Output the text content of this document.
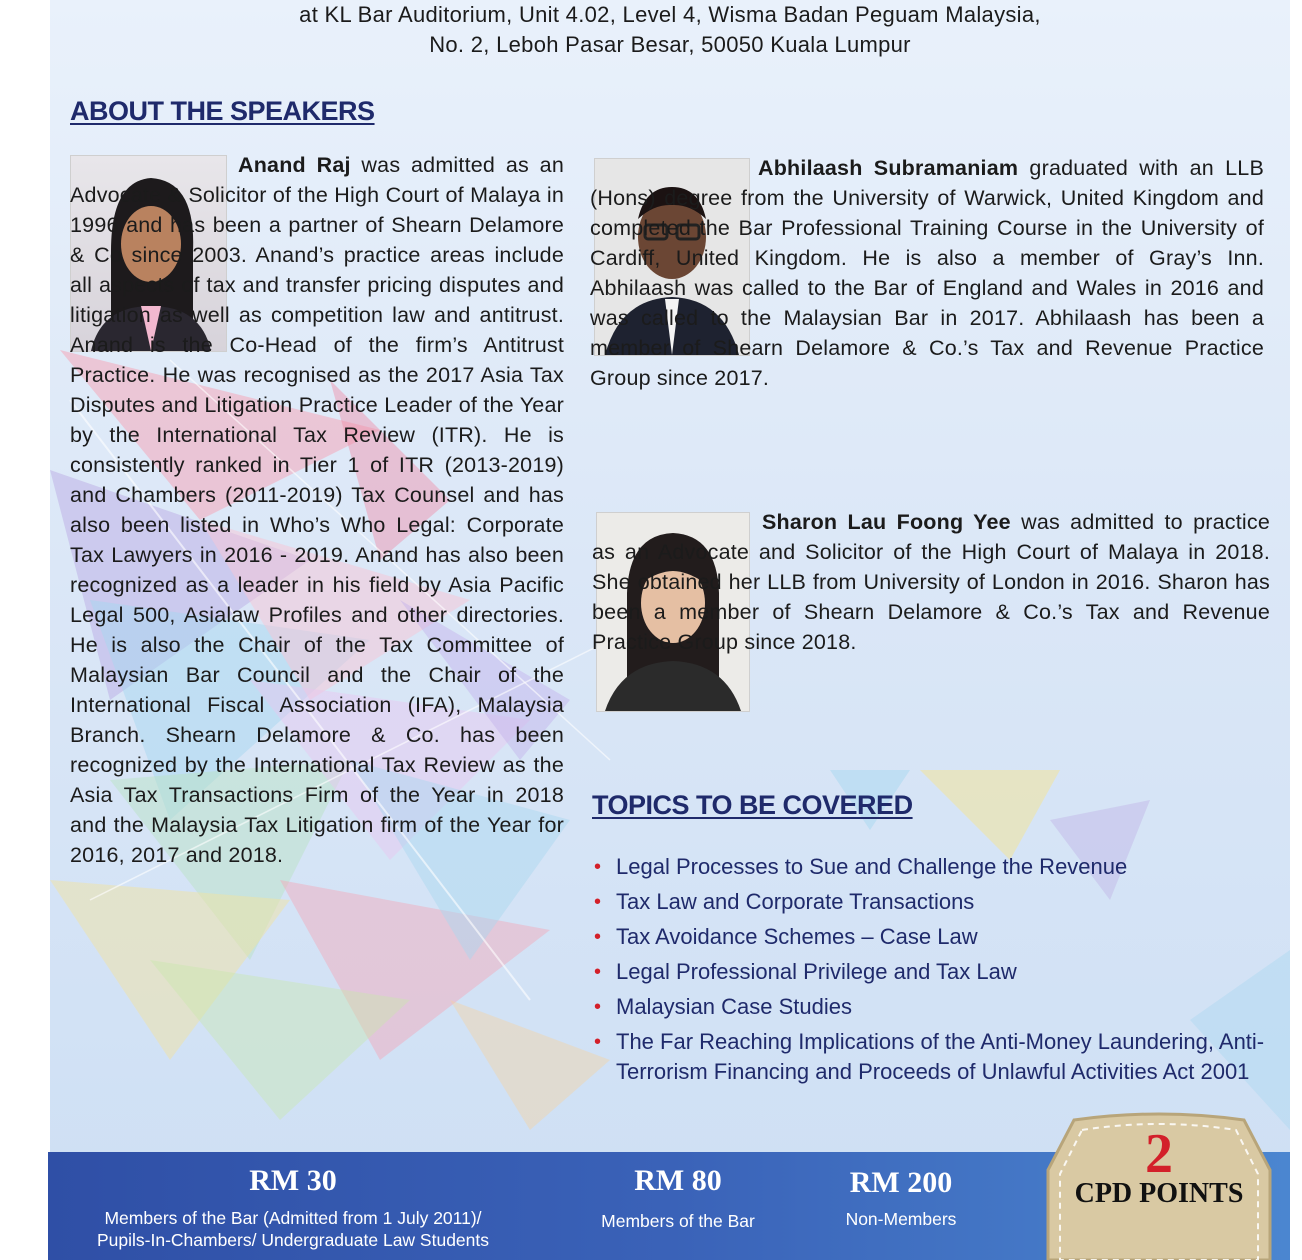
at KL Bar Auditorium, Unit 4.02, Level 4, Wisma Badan Peguam Malaysia,
No. 2, Leboh Pasar Besar, 50050 Kuala Lumpur
ABOUT THE SPEAKERS
Anand Raj was admitted as an Advocate & Solicitor of the High Court of Malaya in 1996 and has been a partner of Shearn Delamore & Co since 2003. Anand’s practice areas include all aspects of tax and transfer pricing disputes and litigation as well as competition law and antitrust. Anand is the Co-Head of the firm’s Antitrust Practice. He was recognised as the 2017 Asia Tax Disputes and Litigation Practice Leader of the Year by the International Tax Review (ITR). He is consistently ranked in Tier 1 of ITR (2013-2019) and Chambers (2011-2019) Tax Counsel and has also been listed in Who’s Who Legal: Corporate Tax Lawyers in 2016 - 2019. Anand has also been recognized as a leader in his field by Asia Pacific Legal 500, Asialaw Profiles and other directories. He is also the Chair of the Tax Committee of Malaysian Bar Council and the Chair of the International Fiscal Association (IFA), Malaysia Branch. Shearn Delamore & Co. has been recognized by the International Tax Review as the Asia Tax Transactions Firm of the Year in 2018 and the Malaysia Tax Litigation firm of the Year for 2016, 2017 and 2018.
Abhilaash Subramaniam graduated with an LLB (Hons) degree from the University of Warwick, United Kingdom and completed the Bar Professional Training Course in the University of Cardiff, United Kingdom. He is also a member of Gray’s Inn. Abhilaash was called to the Bar of England and Wales in 2016 and was called to the Malaysian Bar in 2017. Abhilaash has been a member of Shearn Delamore & Co.’s Tax and Revenue Practice Group since 2017.
Sharon Lau Foong Yee was admitted to practice as an Advocate and Solicitor of the High Court of Malaya in 2018. She obtained her LLB from University of London in 2016. Sharon has been a member of Shearn Delamore & Co.’s Tax and Revenue Practice Group since 2018.
TOPICS TO BE COVERED
• Legal Processes to Sue and Challenge the Revenue
• Tax Law and Corporate Transactions
• Tax Avoidance Schemes – Case Law
• Legal Professional Privilege and Tax Law
• Malaysian Case Studies
• The Far Reaching Implications of the Anti-Money Laundering, Anti-Terrorism Financing and Proceeds of Unlawful Activities Act 2001
RM 30
Members of the Bar (Admitted from 1 July 2011)/
Pupils-In-Chambers/ Undergraduate Law Students
RM 80
Members of the Bar
RM 200
Non-Members
2
CPD POINTS
